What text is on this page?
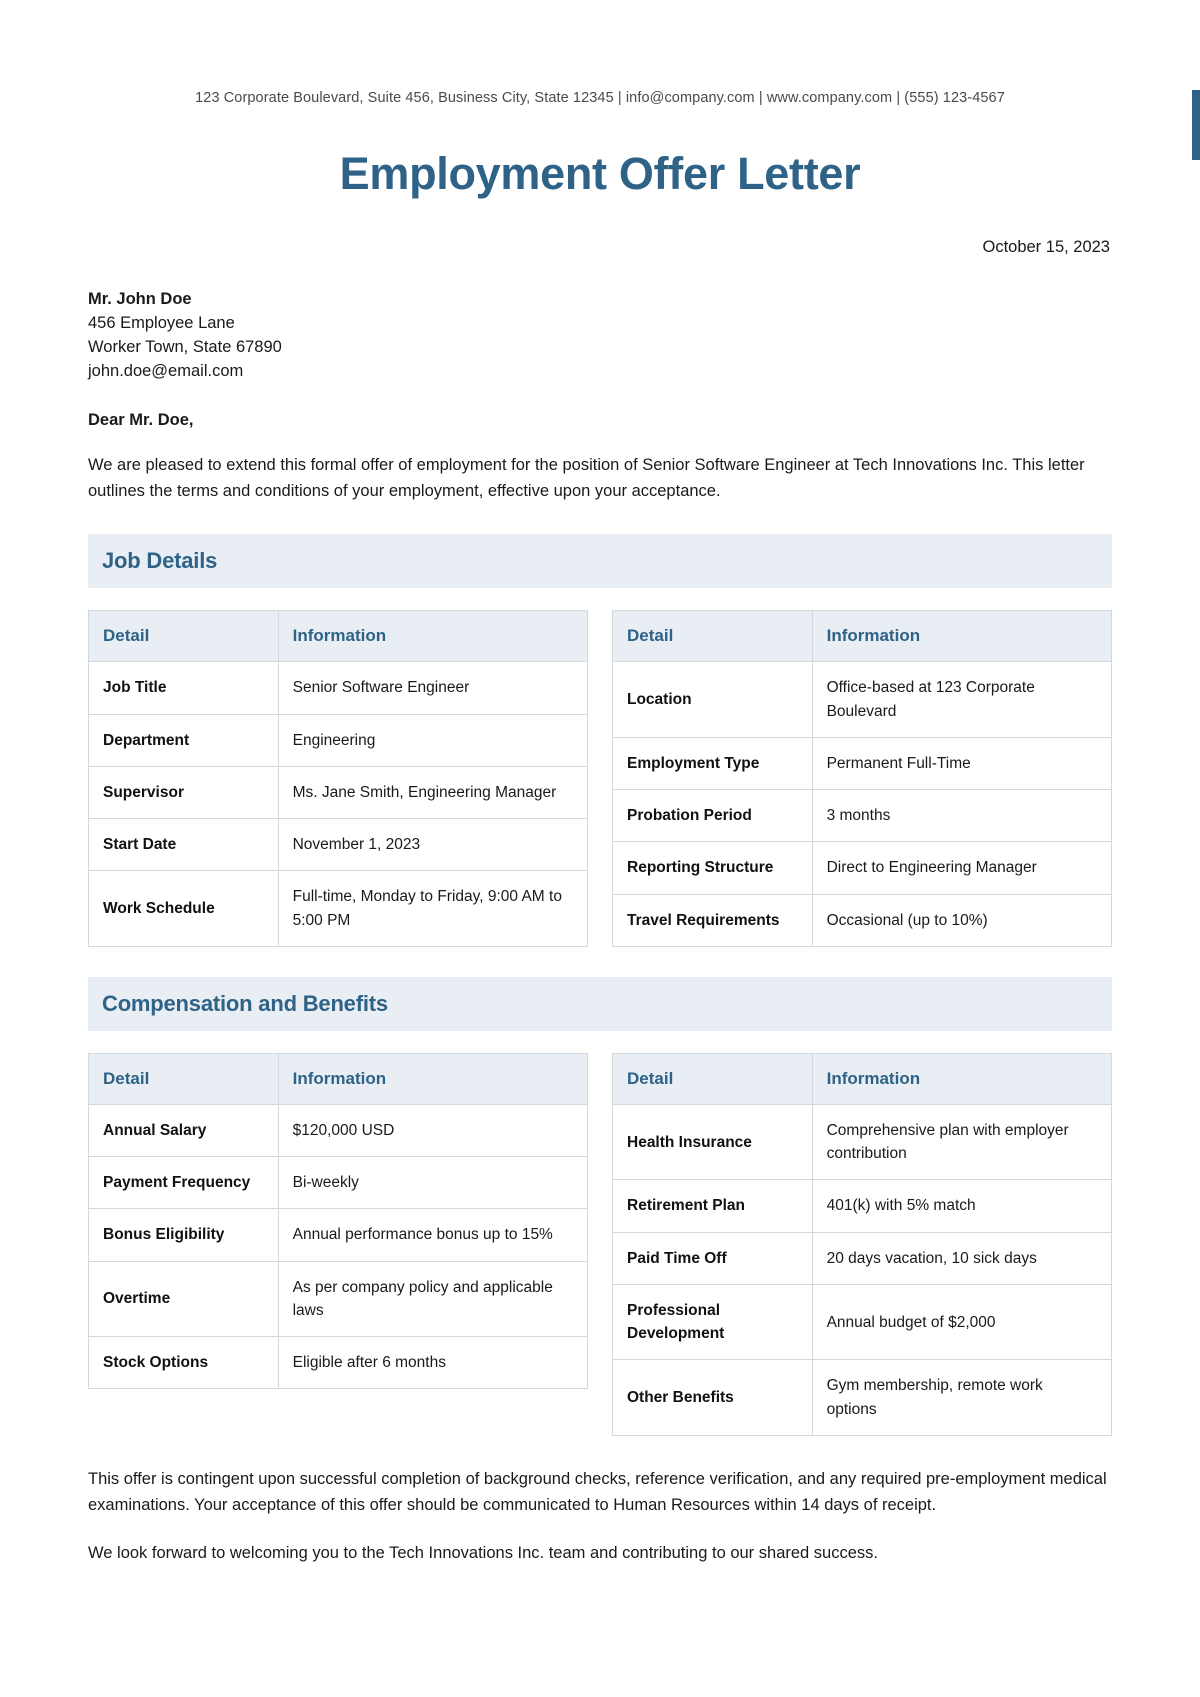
123 Corporate Boulevard, Suite 456, Business City, State 12345 | info@company.com | www.company.com | (555) 123-4567
Employment Offer Letter
October 15, 2023
Mr. John Doe
456 Employee Lane
Worker Town, State 67890
john.doe@email.com
Dear Mr. Doe,
We are pleased to extend this formal offer of employment for the position of Senior Software Engineer at Tech Innovations Inc. This letter outlines the terms and conditions of your employment, effective upon your acceptance.
Job Details
Detail	Information
Job Title	Senior Software Engineer
Department	Engineering
Supervisor	Ms. Jane Smith, Engineering Manager
Start Date	November 1, 2023
Work Schedule	Full-time, Monday to Friday, 9:00 AM to 5:00 PM
Detail	Information
Location	Office-based at 123 Corporate Boulevard
Employment Type	Permanent Full-Time
Probation Period	3 months
Reporting Structure	Direct to Engineering Manager
Travel Requirements	Occasional (up to 10%)
Compensation and Benefits
Detail	Information
Annual Salary	$120,000 USD
Payment Frequency	Bi-weekly
Bonus Eligibility	Annual performance bonus up to 15%
Overtime	As per company policy and applicable laws
Stock Options	Eligible after 6 months
Detail	Information
Health Insurance	Comprehensive plan with employer contribution
Retirement Plan	401(k) with 5% match
Paid Time Off	20 days vacation, 10 sick days
Professional Development	Annual budget of $2,000
Other Benefits	Gym membership, remote work options
This offer is contingent upon successful completion of background checks, reference verification, and any required pre-employment medical examinations. Your acceptance of this offer should be communicated to Human Resources within 14 days of receipt.
We look forward to welcoming you to the Tech Innovations Inc. team and contributing to our shared success.
